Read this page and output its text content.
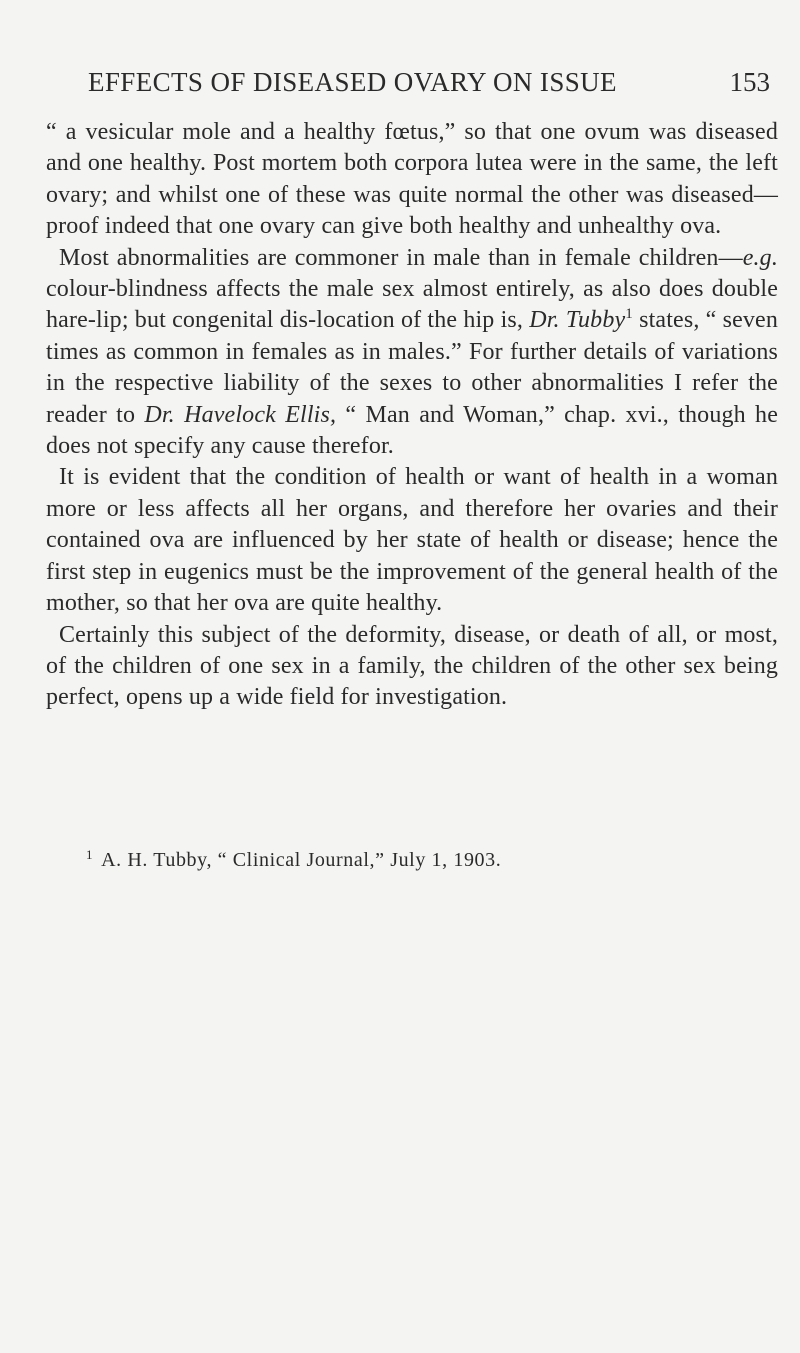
EFFECTS OF DISEASED OVARY ON ISSUE	153

“ a vesicular mole and a healthy fœtus,” so that one ovum was diseased and one healthy. Post mortem both corpora lutea were in the same, the left ovary; and whilst one of these was quite normal the other was diseased—proof indeed that one ovary can give both healthy and unhealthy ova.

Most abnormalities are commoner in male than in female children—e.g. colour-blindness affects the male sex almost entirely, as also does double hare-lip; but congenital dis-location of the hip is, Dr. Tubby$^1$ states, “ seven times as common in females as in males.” For further details of variations in the respective liability of the sexes to other abnormalities I refer the reader to Dr. Havelock Ellis, “ Man and Woman,” chap. xvi., though he does not specify any cause therefor.

It is evident that the condition of health or want of health in a woman more or less affects all her organs, and therefore her ovaries and their contained ova are influenced by her state of health or disease; hence the first step in eugenics must be the improvement of the general health of the mother, so that her ova are quite healthy.

Certainly this subject of the deformity, disease, or death of all, or most, of the children of one sex in a family, the children of the other sex being perfect, opens up a wide field for investigation.

$^1$ A. H. Tubby, “ Clinical Journal,” July 1, 1903.
